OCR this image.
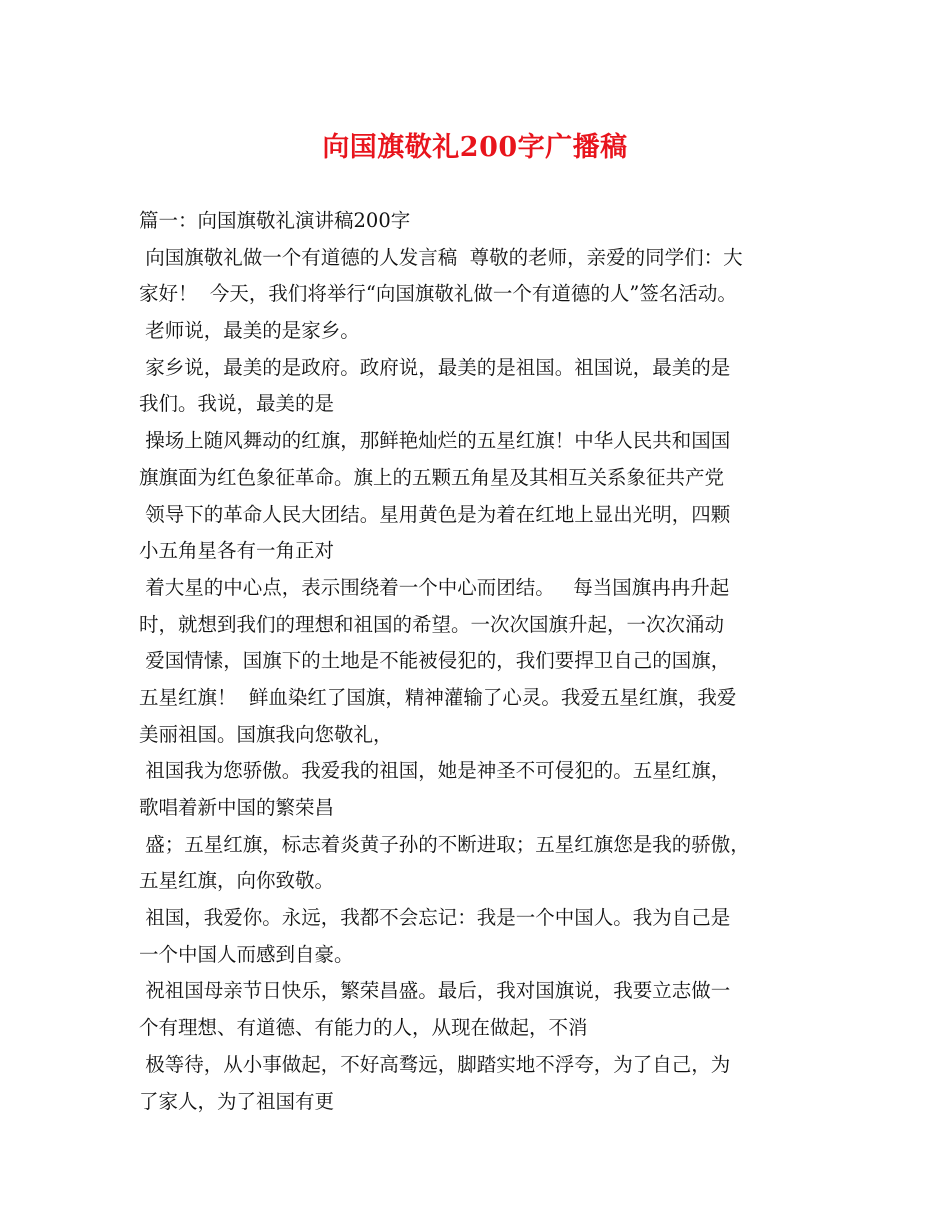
向国旗敬礼200字广播稿
篇一：向国旗敬礼演讲稿200字
向国旗敬礼做一个有道德的人发言稿  尊敬的老师，亲爱的同学们：大
家好！  今天，我们将举行“向国旗敬礼做一个有道德的人”签名活动。
老师说，最美的是家乡。
家乡说，最美的是政府。政府说，最美的是祖国。祖国说，最美的是
我们。我说，最美的是
操场上随风舞动的红旗，那鲜艳灿烂的五星红旗！中华人民共和国国
旗旗面为红色象征革命。旗上的五颗五角星及其相互关系象征共产党
领导下的革命人民大团结。星用黄色是为着在红地上显出光明，四颗
小五角星各有一角正对
着大星的中心点，表示围绕着一个中心而团结。   每当国旗冉冉升起
时，就想到我们的理想和祖国的希望。一次次国旗升起，一次次涌动
爱国情愫，国旗下的土地是不能被侵犯的，我们要捍卫自己的国旗，
五星红旗！  鲜血染红了国旗，精神灌输了心灵。我爱五星红旗，我爱
美丽祖国。国旗我向您敬礼，
祖国我为您骄傲。我爱我的祖国，她是神圣不可侵犯的。五星红旗，
歌唱着新中国的繁荣昌
盛；五星红旗，标志着炎黄子孙的不断进取；五星红旗您是我的骄傲，
五星红旗，向你致敬。
祖国，我爱你。永远，我都不会忘记：我是一个中国人。我为自己是
一个中国人而感到自豪。
祝祖国母亲节日快乐，繁荣昌盛。最后，我对国旗说，我要立志做一
个有理想、有道德、有能力的人，从现在做起，不消
极等待，从小事做起，不好高骛远，脚踏实地不浮夸，为了自己，为
了家人，为了祖国有更
